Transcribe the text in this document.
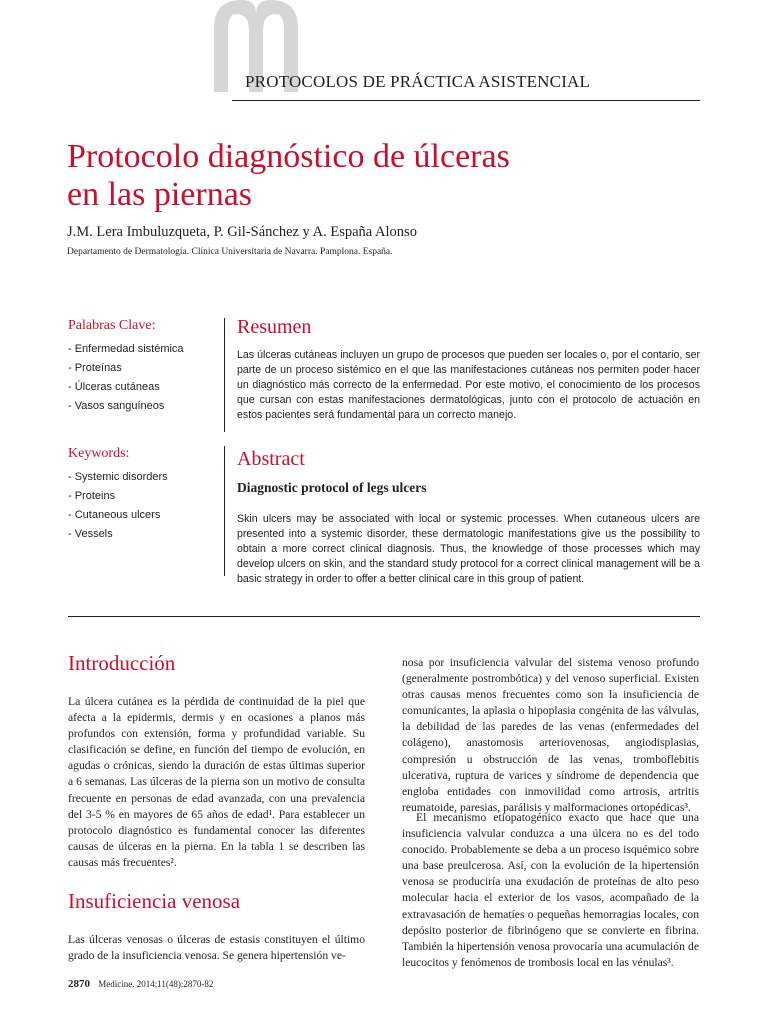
PROTOCOLOS DE PRÁCTICA ASISTENCIAL
Protocolo diagnóstico de úlceras
en las piernas
J.M. Lera Imbuluzqueta, P. Gil-Sánchez y A. España Alonso
Departamento de Dermatología. Clínica Universitaria de Navarra. Pamplona. España.
Palabras Clave:
- Enfermedad sistémica
- Proteínas
- Úlceras cutáneas
- Vasos sanguíneos
Keywords:
- Systemic disorders
- Proteins
- Cutaneous ulcers
- Vessels
Resumen

Las úlceras cutáneas incluyen un grupo de procesos que pueden ser locales o, por el contario, ser parte de un proceso sistémico en el que las manifestaciones cutáneas nos permiten poder hacer un diagnóstico más correcto de la enfermedad. Por este motivo, el conocimiento de los procesos que cursan con estas manifestaciones dermatológicas, junto con el protocolo de actuación en estos pacientes será fundamental para un correcto manejo.

Abstract
Diagnostic protocol of legs ulcers

Skin ulcers may be associated with local or systemic processes. When cutaneous ulcers are presented into a systemic disorder, these dermatologic manifestations give us the possibility to obtain a more correct clinical diagnosis. Thus, the knowledge of those processes which may develop ulcers on skin, and the standard study protocol for a correct clinical management will be a basic strategy in order to offer a better clinical care in this group of patient.

Introducción

La úlcera cutánea es la pérdida de continuidad de la piel que afecta a la epidermis, dermis y en ocasiones a planos más profundos con extensión, forma y profundidad variable. Su clasificación se define, en función del tiempo de evolución, en agudas o crónicas, siendo la duración de estas últimas superior a 6 semanas. Las úlceras de la pierna son un motivo de consulta frecuente en personas de edad avanzada, con una prevalencia del 3-5 % en mayores de 65 años de edad¹. Para establecer un protocolo diagnóstico es fundamental conocer las diferentes causas de úlceras en la pierna. En la tabla 1 se describen las causas más frecuentes².

Insuficiencia venosa

Las úlceras venosas o úlceras de estasis constituyen el último grado de la insuficiencia venosa. Se genera hipertensión ve-

nosa por insuficiencia valvular del sistema venoso profundo (generalmente postrombótica) y del venoso superficial. Existen otras causas menos frecuentes como son la insuficiencia de comunicantes, la aplasia o hipoplasia congénita de las válvulas, la debilidad de las paredes de las venas (enfermedades del colágeno), anastomosis arteriovenosas, angiodisplasias, compresión u obstrucción de las venas, tromboflebitis ulcerativa, ruptura de varices y síndrome de dependencia que engloba entidades con inmovilidad como artrosis, artritis reumatoide, paresias, parálisis y malformaciones ortopédicas³.

El mecanismo etiopatogénico exacto que hace que una insuficiencia valvular conduzca a una úlcera no es del todo conocido. Probablemente se deba a un proceso isquémico sobre una base preulcerosa. Así, con la evolución de la hipertensión venosa se produciría una exudación de proteínas de alto peso molecular hacia el exterior de los vasos, acompañado de la extravasación de hematíes o pequeñas hemorragias locales, con depósito posterior de fibrinógeno que se convierte en fibrina. También la hipertensión venosa provocaría una acumulación de leucocitos y fenómenos de trombosis local en las vénulas³.

2870 Medicine. 2014;11(48):2870-82
